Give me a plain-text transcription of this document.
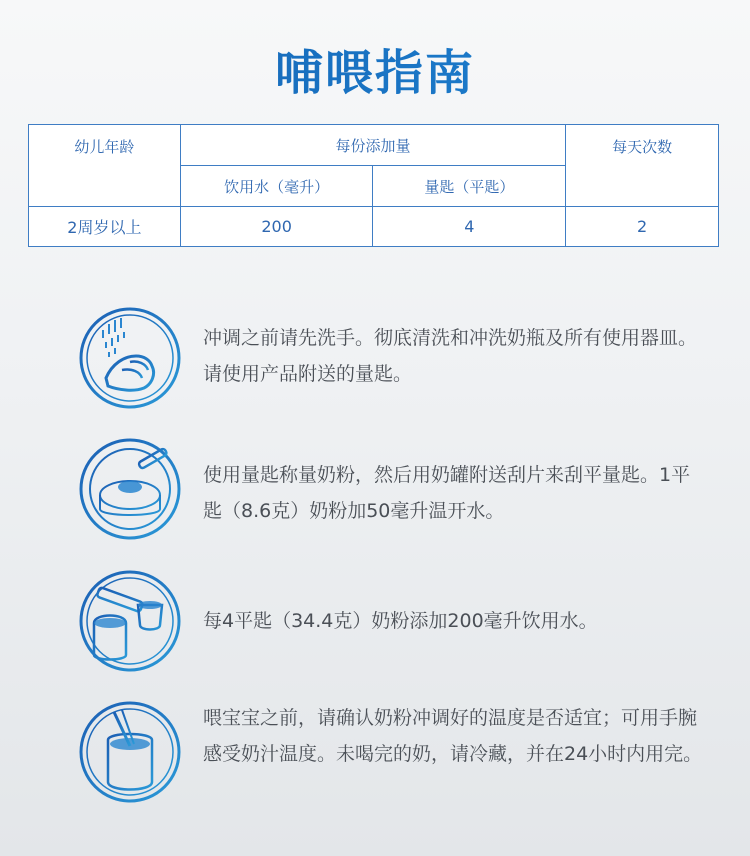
哺喂指南
幼儿年龄	每份添加量		每天次数
	饮用水（毫升）	量匙（平匙）	
2周岁以上	200	4	2
冲调之前请先洗手。彻底清洗和冲洗奶瓶及所有使用器皿。请使用产品附送的量匙。
使用量匙称量奶粉，然后用奶罐附送刮片来刮平量匙。1平匙（8.6克）奶粉加50毫升温开水。
每4平匙（34.4克）奶粉添加200毫升饮用水。
喂宝宝之前，请确认奶粉冲调好的温度是否适宜；可用手腕感受奶汁温度。未喝完的奶，请冷藏，并在24小时内用完。
